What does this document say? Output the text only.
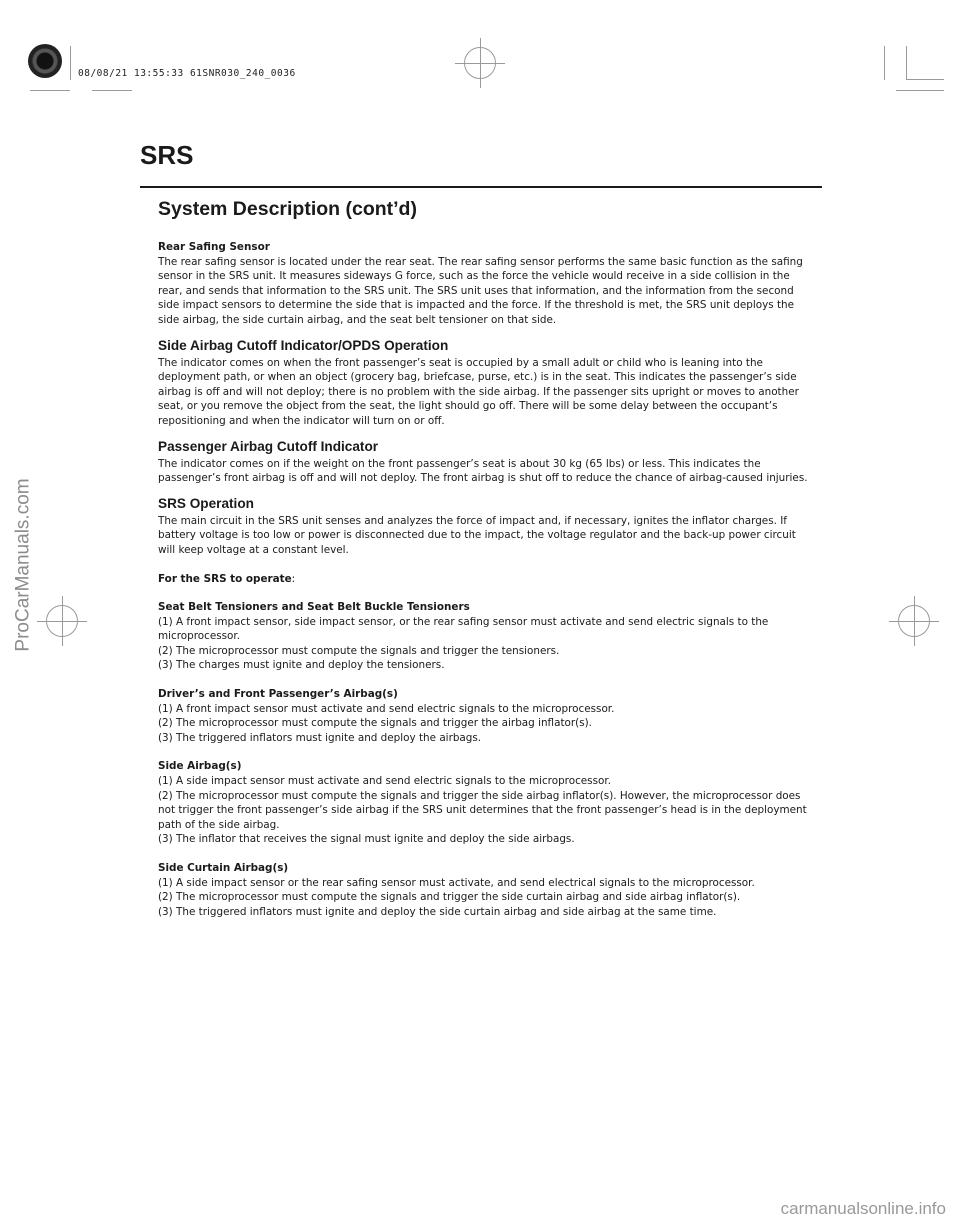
08/08/21 13:55:33 61SNR030_240_0036
ProCarManuals.com
carmanualsonline.info
SRS
System Description (cont’d)
Rear Safing Sensor

The rear safing sensor is located under the rear seat. The rear safing sensor performs the same basic function as the safing sensor in the SRS unit. It measures sideways G force, such as the force the vehicle would receive in a side collision in the rear, and sends that information to the SRS unit. The SRS unit uses that information, and the information from the second side impact sensors to determine the side that is impacted and the force. If the threshold is met, the SRS unit deploys the side airbag, the side curtain airbag, and the seat belt tensioner on that side.

Side Airbag Cutoff Indicator/OPDS Operation

The indicator comes on when the front passenger’s seat is occupied by a small adult or child who is leaning into the deployment path, or when an object (grocery bag, briefcase, purse, etc.) is in the seat. This indicates the passenger’s side airbag is off and will not deploy; there is no problem with the side airbag. If the passenger sits upright or moves to another seat, or you remove the object from the seat, the light should go off. There will be some delay between the occupant’s repositioning and when the indicator will turn on or off.

Passenger Airbag Cutoff Indicator

The indicator comes on if the weight on the front passenger’s seat is about 30 kg (65 lbs) or less. This indicates the passenger’s front airbag is off and will not deploy. The front airbag is shut off to reduce the chance of airbag-caused injuries.

SRS Operation

The main circuit in the SRS unit senses and analyzes the force of impact and, if necessary, ignites the inflator charges. If battery voltage is too low or power is disconnected due to the impact, the voltage regulator and the back-up power circuit will keep voltage at a constant level.

For the SRS to operate:

Seat Belt Tensioners and Seat Belt Buckle Tensioners

(1) A front impact sensor, side impact sensor, or the rear safing sensor must activate and send electric signals to the microprocessor.

(2) The microprocessor must compute the signals and trigger the tensioners.

(3) The charges must ignite and deploy the tensioners.

Driver’s and Front Passenger’s Airbag(s)

(1) A front impact sensor must activate and send electric signals to the microprocessor.

(2) The microprocessor must compute the signals and trigger the airbag inflator(s).

(3) The triggered inflators must ignite and deploy the airbags.

Side Airbag(s)

(1) A side impact sensor must activate and send electric signals to the microprocessor.

(2) The microprocessor must compute the signals and trigger the side airbag inflator(s). However, the microprocessor does not trigger the front passenger’s side airbag if the SRS unit determines that the front passenger’s head is in the deployment path of the side airbag.

(3) The inflator that receives the signal must ignite and deploy the side airbags.

Side Curtain Airbag(s)

(1) A side impact sensor or the rear safing sensor must activate, and send electrical signals to the microprocessor.

(2) The microprocessor must compute the signals and trigger the side curtain airbag and side airbag inflator(s).

(3) The triggered inflators must ignite and deploy the side curtain airbag and side airbag at the same time.
